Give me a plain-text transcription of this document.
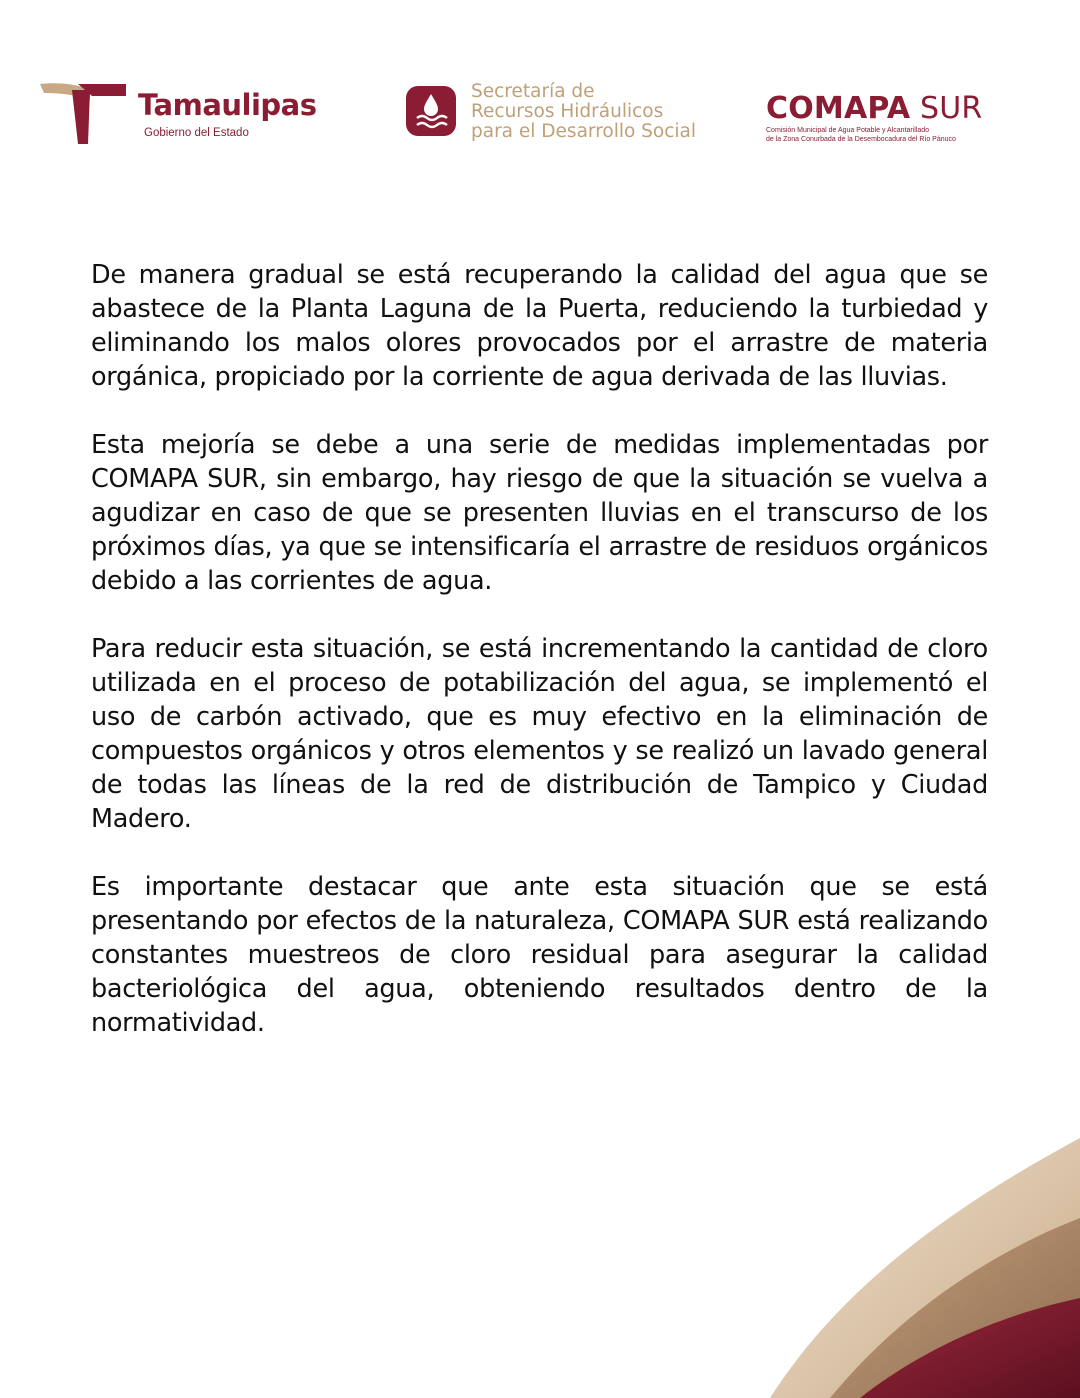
Tamaulipas
Gobierno del Estado
Secretaría de
Recursos Hidráulicos
para el Desarrollo Social
COMAPA SUR
Comisión Municipal de Agua Potable y Alcantarillado
de la Zona Conurbada de la Desembocadura del Río Pánuco

De manera gradual se está recuperando la calidad del agua que se abastece de la Planta Laguna de la Puerta, reduciendo la turbiedad y eliminando los malos olores provocados por el arrastre de materia orgánica, propiciado por la corriente de agua derivada de las lluvias.

Esta mejoría se debe a una serie de medidas implementadas por COMAPA SUR, sin embargo, hay riesgo de que la situación se vuelva a agudizar en caso de que se presenten lluvias en el transcurso de los próximos días, ya que se intensificaría el arrastre de residuos orgánicos debido a las corrientes de agua.

Para reducir esta situación, se está incrementando la cantidad de cloro utilizada en el proceso de potabilización del agua, se implementó el uso de carbón activado, que es muy efectivo en la eliminación de compuestos orgánicos y otros elementos y se realizó un lavado general de todas las líneas de la red de distribución de Tampico y Ciudad Madero.

Es importante destacar que ante esta situación que se está presentando por efectos de la naturaleza, COMAPA SUR está realizando constantes muestreos de cloro residual para asegurar la calidad bacteriológica del agua, obteniendo resultados dentro de la normatividad.
